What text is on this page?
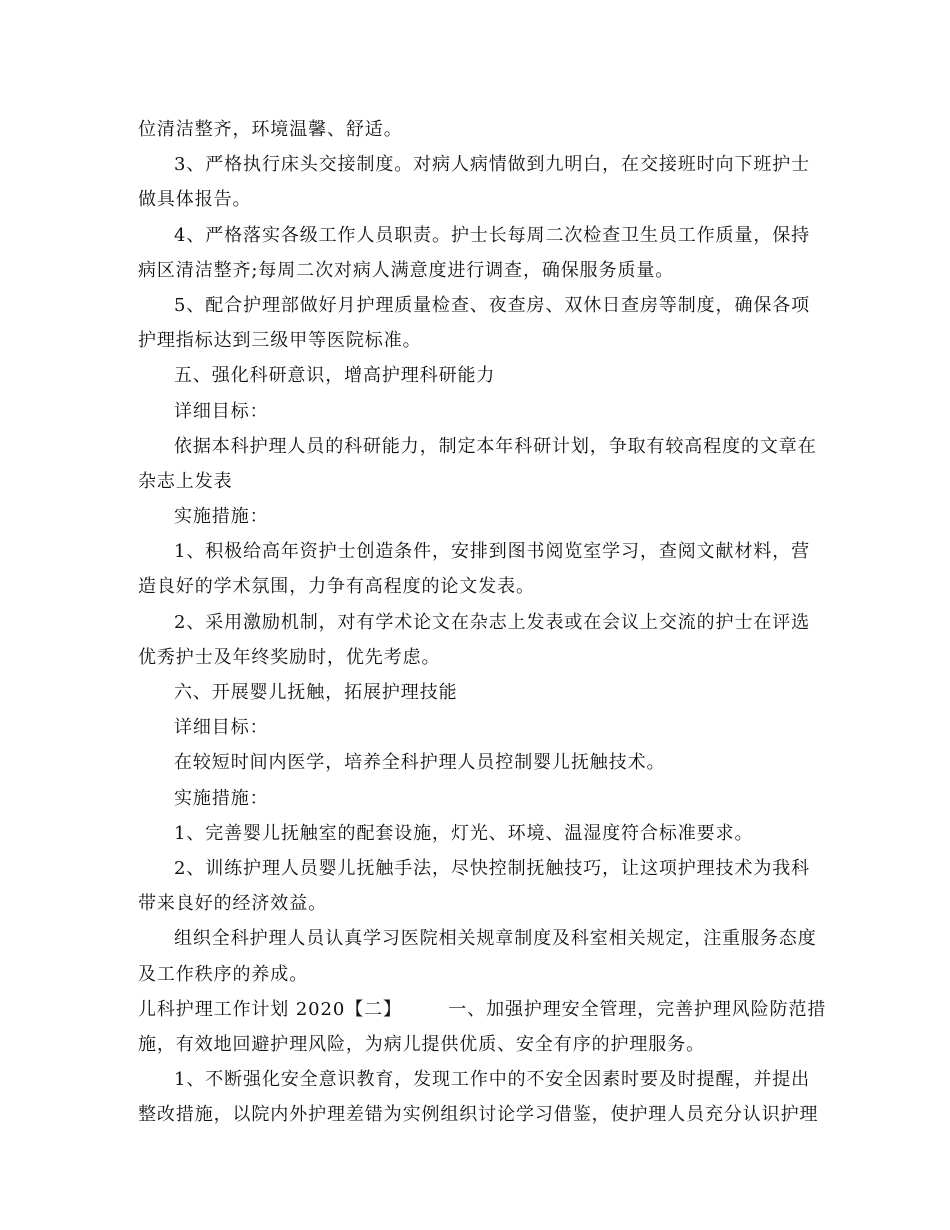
位清洁整齐，环境温馨、舒适。
3、严格执行床头交接制度。对病人病情做到九明白，在交接班时向下班护士
做具体报告。
4、严格落实各级工作人员职责。护士长每周二次检查卫生员工作质量，保持
病区清洁整齐;每周二次对病人满意度进行调查，确保服务质量。
5、配合护理部做好月护理质量检查、夜查房、双休日查房等制度，确保各项
护理指标达到三级甲等医院标准。
五、强化科研意识，增高护理科研能力
详细目标：
依据本科护理人员的科研能力，制定本年科研计划，争取有较高程度的文章在
杂志上发表
实施措施：
1、积极给高年资护士创造条件，安排到图书阅览室学习，查阅文献材料，营
造良好的学术氛围，力争有高程度的论文发表。
2、采用激励机制，对有学术论文在杂志上发表或在会议上交流的护士在评选
优秀护士及年终奖励时，优先考虑。
六、开展婴儿抚触，拓展护理技能
详细目标：
在较短时间内医学，培养全科护理人员控制婴儿抚触技术。
实施措施：
1、完善婴儿抚触室的配套设施，灯光、环境、温湿度符合标准要求。
2、训练护理人员婴儿抚触手法，尽快控制抚触技巧，让这项护理技术为我科
带来良好的经济效益。
组织全科护理人员认真学习医院相关规章制度及科室相关规定，注重服务态度
及工作秩序的养成。
儿科护理工作计划 2020【二】       一、加强护理安全管理，完善护理风险防范措
施，有效地回避护理风险，为病儿提供优质、安全有序的护理服务。
1、不断强化安全意识教育，发现工作中的不安全因素时要及时提醒，并提出
整改措施，以院内外护理差错为实例组织讨论学习借鉴，使护理人员充分认识护理
